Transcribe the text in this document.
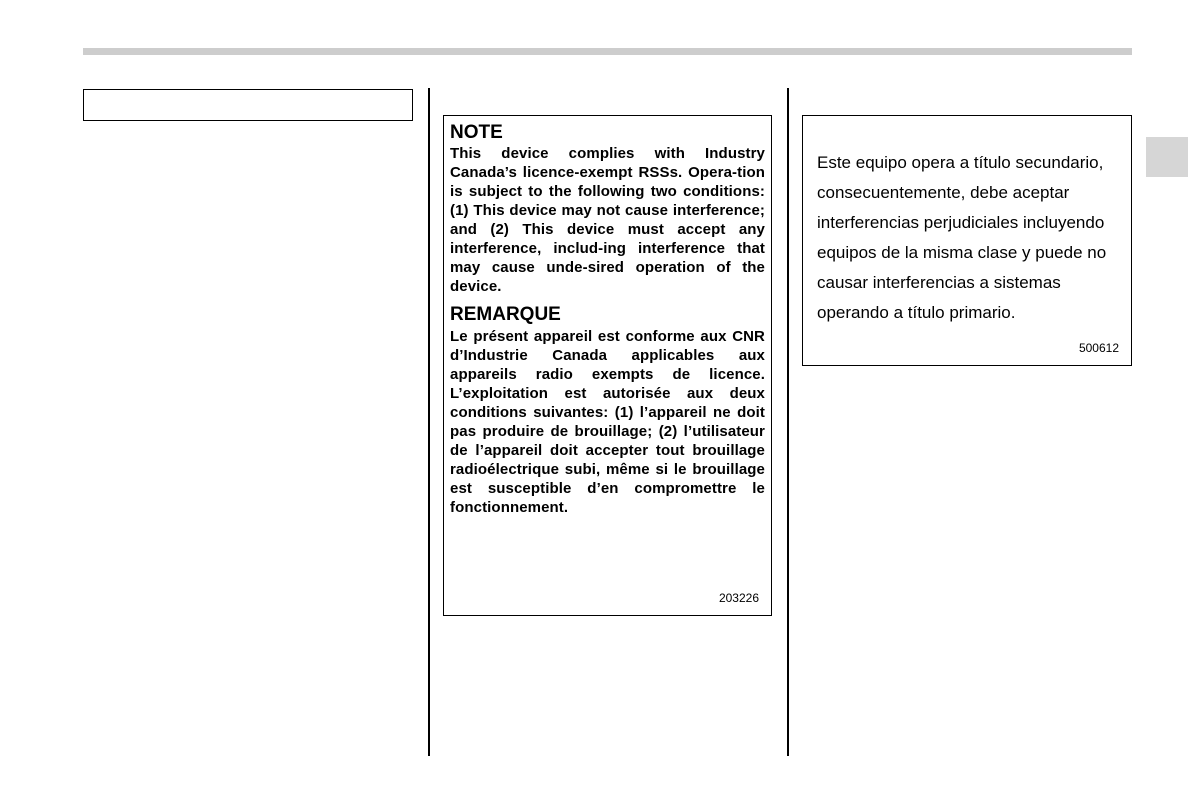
NOTE
This device complies with Industry Canada’s licence-exempt RSSs. Opera-tion is subject to the following two conditions: (1) This device may not cause interference; and (2) This device must accept any interference, includ-ing interference that may cause unde-sired operation of the device.
REMARQUE
Le présent appareil est conforme aux CNR d’Industrie Canada applicables aux appareils radio exempts de licence. L’exploitation est autorisée aux deux conditions suivantes: (1) l’appareil ne doit pas produire de brouillage; (2) l’utilisateur de l’appareil doit accepter tout brouillage radioélectrique subi, même si le brouillage est susceptible d’en compromettre le fonctionnement.
203226
Este equipo opera a título secundario,
consecuentemente, debe aceptar
interferencias perjudiciales incluyendo
equipos de la misma clase y puede no
causar interferencias a sistemas
operando a título primario.
500612
